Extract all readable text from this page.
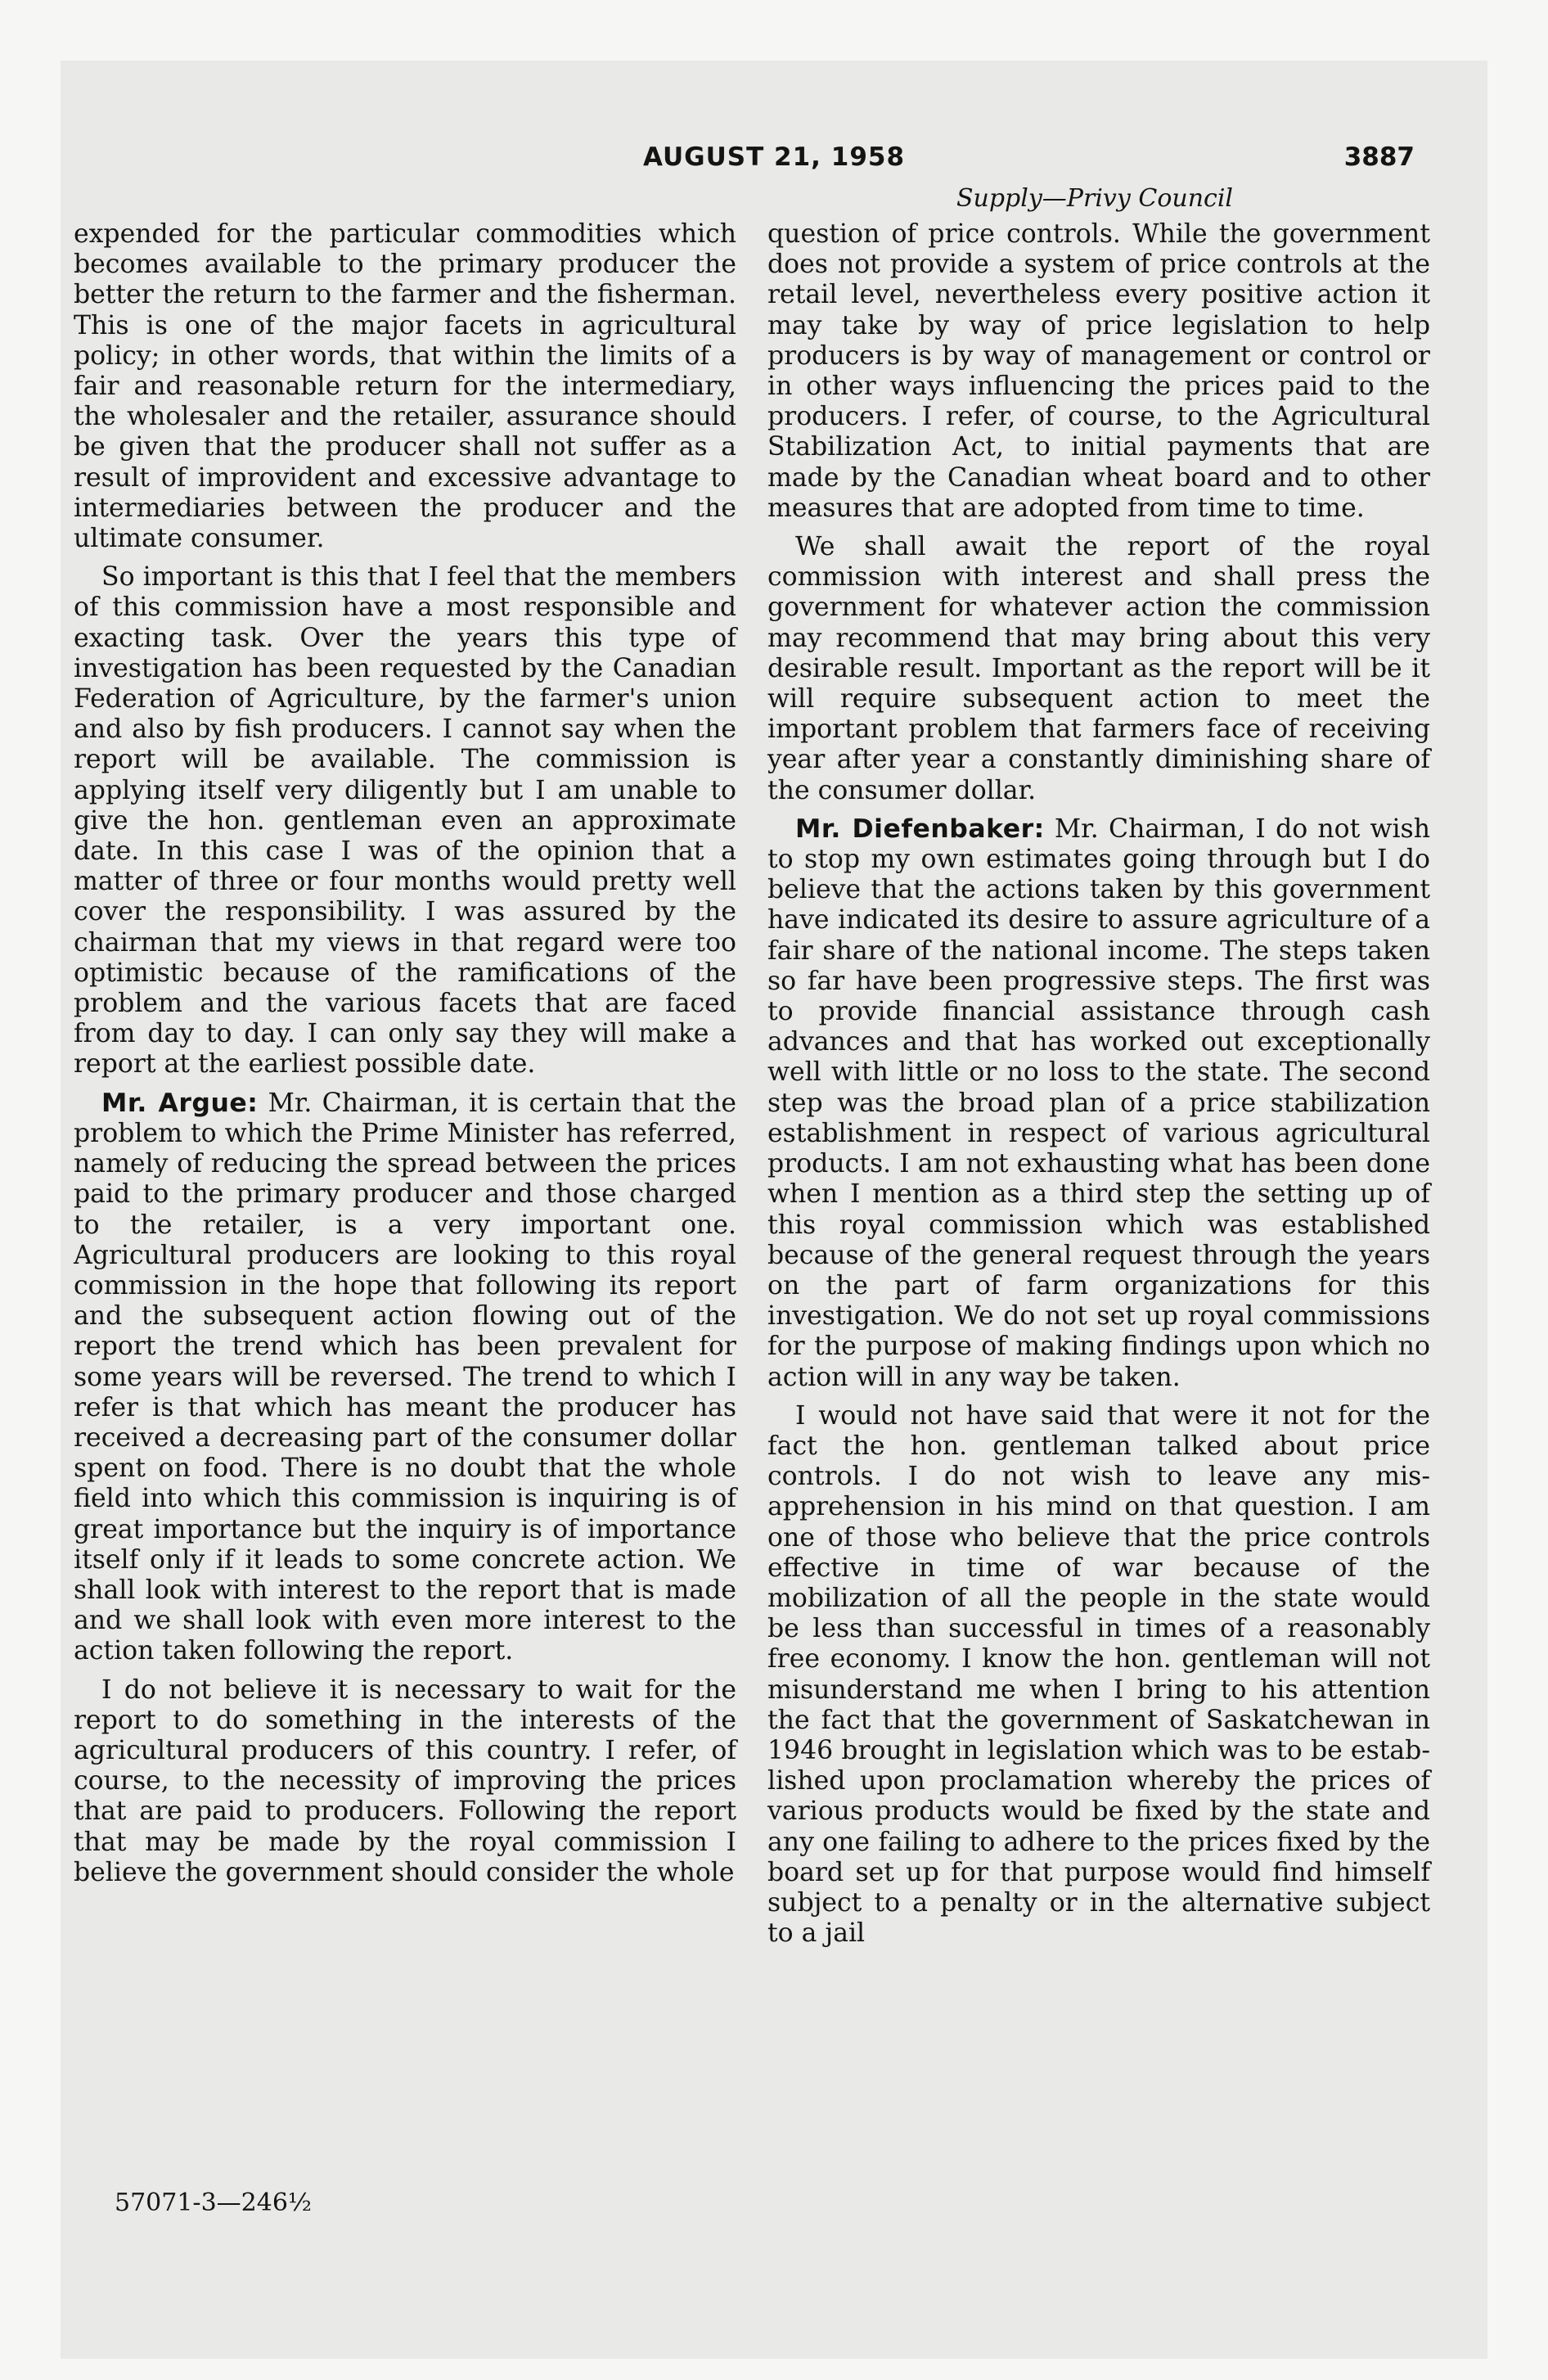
AUGUST 21, 1958	3887
Supply—Privy Council

expended for the particular commodities which becomes available to the primary producer the better the return to the farmer and the fisherman. This is one of the major facets in agricultural policy; in other words, that within the limits of a fair and reasonable return for the intermediary, the wholesaler and the retailer, assurance should be given that the producer shall not suffer as a result of improvident and excessive advantage to intermediaries between the producer and the ultimate consumer.

So important is this that I feel that the members of this commission have a most responsible and exacting task. Over the years this type of investigation has been requested by the Canadian Federation of Agriculture, by the farmer's union and also by fish producers. I cannot say when the report will be available. The commission is applying itself very diligently but I am unable to give the hon. gentleman even an approximate date. In this case I was of the opinion that a matter of three or four months would pretty well cover the responsibility. I was assured by the chairman that my views in that regard were too optimistic because of the ramifications of the problem and the various facets that are faced from day to day. I can only say they will make a report at the earliest possible date.

Mr. Argue: Mr. Chairman, it is certain that the problem to which the Prime Minister has referred, namely of reducing the spread between the prices paid to the primary producer and those charged to the retailer, is a very important one. Agricultural producers are looking to this royal commission in the hope that following its report and the subsequent action flowing out of the report the trend which has been prevalent for some years will be reversed. The trend to which I refer is that which has meant the producer has received a decreasing part of the consumer dollar spent on food. There is no doubt that the whole field into which this commission is inquiring is of great importance but the inquiry is of importance itself only if it leads to some concrete action. We shall look with interest to the report that is made and we shall look with even more interest to the action taken following the report.

I do not believe it is necessary to wait for the report to do something in the interests of the agricultural producers of this country. I refer, of course, to the necessity of improving the prices that are paid to producers. Following the report that may be made by the royal commission I believe the government should consider the whole

question of price controls. While the government does not provide a system of price controls at the retail level, nevertheless every positive action it may take by way of price legislation to help producers is by way of management or control or in other ways influencing the prices paid to the producers. I refer, of course, to the Agricultural Stabilization Act, to initial payments that are made by the Canadian wheat board and to other measures that are adopted from time to time.

We shall await the report of the royal commission with interest and shall press the government for whatever action the commission may recommend that may bring about this very desirable result. Important as the report will be it will require subsequent action to meet the important problem that farmers face of receiving year after year a constantly diminishing share of the consumer dollar.

Mr. Diefenbaker: Mr. Chairman, I do not wish to stop my own estimates going through but I do believe that the actions taken by this government have indicated its desire to assure agriculture of a fair share of the national income. The steps taken so far have been progressive steps. The first was to provide financial assistance through cash advances and that has worked out exceptionally well with little or no loss to the state. The second step was the broad plan of a price stabilization establishment in respect of various agricultural products. I am not exhausting what has been done when I mention as a third step the setting up of this royal commission which was established because of the general request through the years on the part of farm organizations for this investigation. We do not set up royal commissions for the purpose of making findings upon which no action will in any way be taken.

I would not have said that were it not for the fact the hon. gentleman talked about price controls. I do not wish to leave any misapprehension in his mind on that question. I am one of those who believe that the price controls effective in time of war because of the mobilization of all the people in the state would be less than successful in times of a reasonably free economy. I know the hon. gentleman will not misunderstand me when I bring to his attention the fact that the government of Saskatchewan in 1946 brought in legislation which was to be established upon proclamation whereby the prices of various products would be fixed by the state and any one failing to adhere to the prices fixed by the board set up for that purpose would find himself subject to a penalty or in the alternative subject to a jail

57071-3—246½
